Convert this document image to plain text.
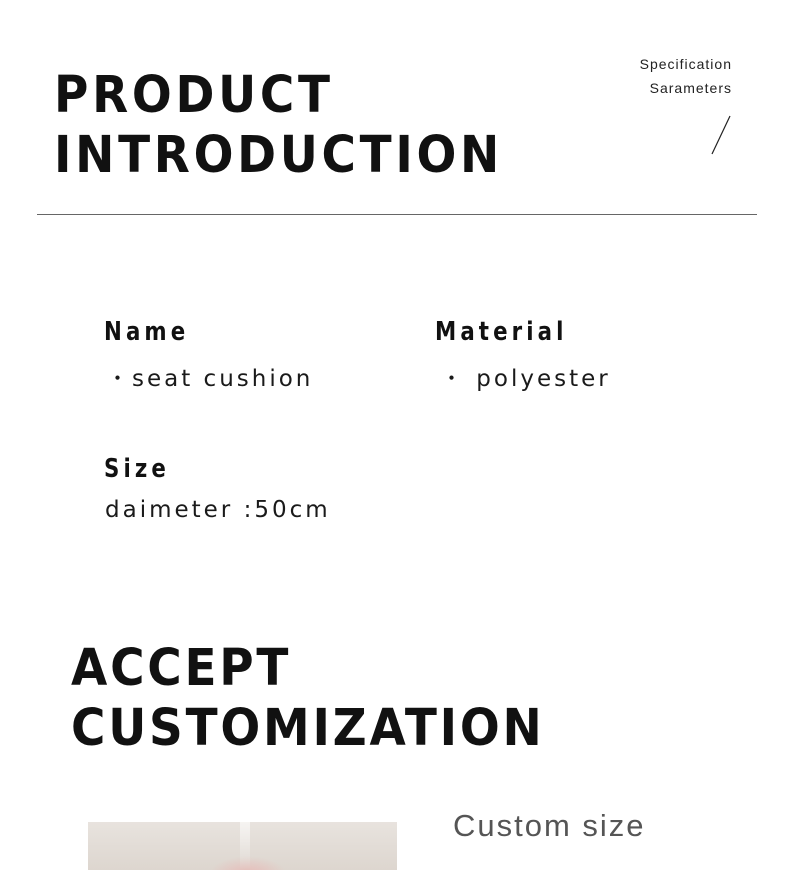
PRODUCT
INTRODUCTION
Specification
Sarameters
Name
・seat cushion
Material
・ polyester
Size
daimeter :50cm
ACCEPT
CUSTOMIZATION
Custom size
